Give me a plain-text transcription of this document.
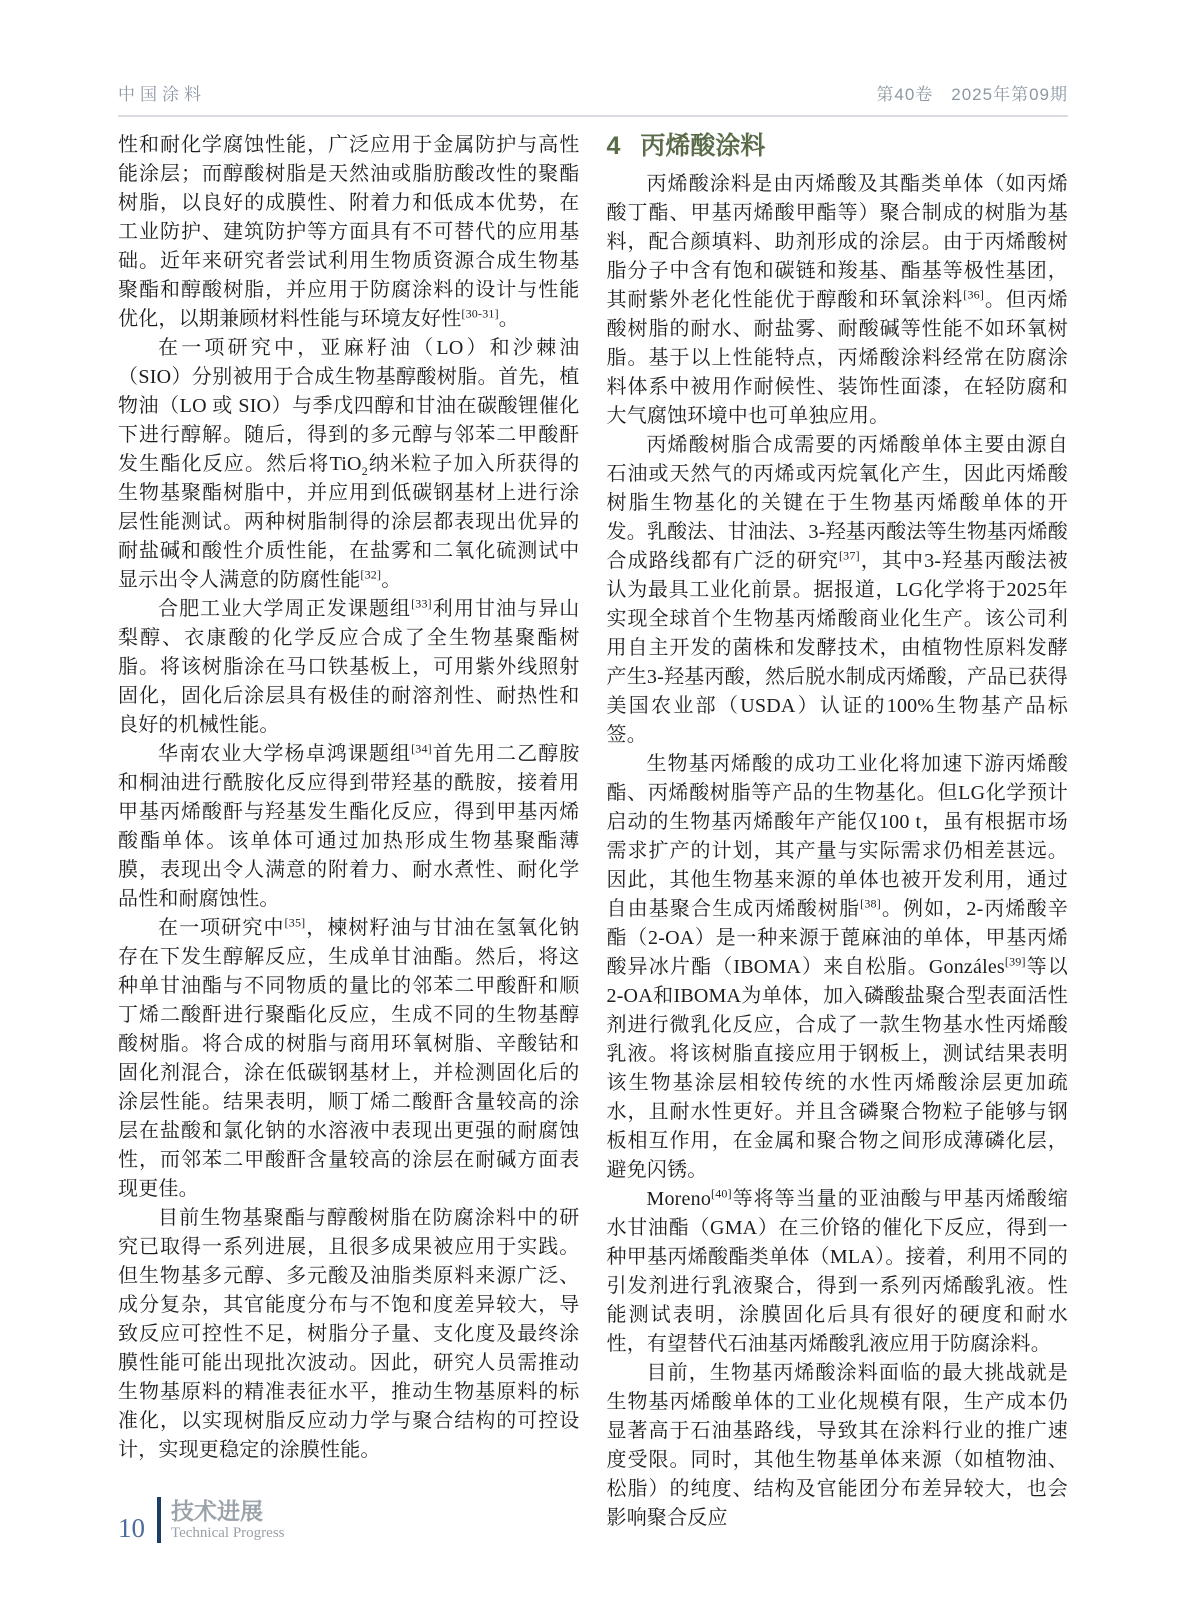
中国涂料	第40卷　2025年第09期

性和耐化学腐蚀性能，广泛应用于金属防护与高性能涂层；而醇酸树脂是天然油或脂肪酸改性的聚酯树脂，以良好的成膜性、附着力和低成本优势，在工业防护、建筑防护等方面具有不可替代的应用基础。近年来研究者尝试利用生物质资源合成生物基聚酯和醇酸树脂，并应用于防腐涂料的设计与性能优化，以期兼顾材料性能与环境友好性[30-31]。

在一项研究中，亚麻籽油（LO）和沙棘油（SIO）分别被用于合成生物基醇酸树脂。首先，植物油（LO 或 SIO）与季戊四醇和甘油在碳酸锂催化下进行醇解。随后，得到的多元醇与邻苯二甲酸酐发生酯化反应。然后将TiO$_2$纳米粒子加入所获得的生物基聚酯树脂中，并应用到低碳钢基材上进行涂层性能测试。两种树脂制得的涂层都表现出优异的耐盐碱和酸性介质性能，在盐雾和二氧化硫测试中显示出令人满意的防腐性能[32]。

合肥工业大学周正发课题组[33]利用甘油与异山梨醇、衣康酸的化学反应合成了全生物基聚酯树脂。将该树脂涂在马口铁基板上，可用紫外线照射固化，固化后涂层具有极佳的耐溶剂性、耐热性和良好的机械性能。

华南农业大学杨卓鸿课题组[34]首先用二乙醇胺和桐油进行酰胺化反应得到带羟基的酰胺，接着用甲基丙烯酸酐与羟基发生酯化反应，得到甲基丙烯酸酯单体。该单体可通过加热形成生物基聚酯薄膜，表现出令人满意的附着力、耐水煮性、耐化学品性和耐腐蚀性。

在一项研究中[35]，楝树籽油与甘油在氢氧化钠存在下发生醇解反应，生成单甘油酯。然后，将这种单甘油酯与不同物质的量比的邻苯二甲酸酐和顺丁烯二酸酐进行聚酯化反应，生成不同的生物基醇酸树脂。将合成的树脂与商用环氧树脂、辛酸钴和固化剂混合，涂在低碳钢基材上，并检测固化后的涂层性能。结果表明，顺丁烯二酸酐含量较高的涂层在盐酸和氯化钠的水溶液中表现出更强的耐腐蚀性，而邻苯二甲酸酐含量较高的涂层在耐碱方面表现更佳。

目前生物基聚酯与醇酸树脂在防腐涂料中的研究已取得一系列进展，且很多成果被应用于实践。但生物基多元醇、多元酸及油脂类原料来源广泛、成分复杂，其官能度分布与不饱和度差异较大，导致反应可控性不足，树脂分子量、支化度及最终涂膜性能可能出现批次波动。因此，研究人员需推动生物基原料的精准表征水平，推动生物基原料的标准化，以实现树脂反应动力学与聚合结构的可控设计，实现更稳定的涂膜性能。

4 丙烯酸涂料

丙烯酸涂料是由丙烯酸及其酯类单体（如丙烯酸丁酯、甲基丙烯酸甲酯等）聚合制成的树脂为基料，配合颜填料、助剂形成的涂层。由于丙烯酸树脂分子中含有饱和碳链和羧基、酯基等极性基团，其耐紫外老化性能优于醇酸和环氧涂料[36]。但丙烯酸树脂的耐水、耐盐雾、耐酸碱等性能不如环氧树脂。基于以上性能特点，丙烯酸涂料经常在防腐涂料体系中被用作耐候性、装饰性面漆，在轻防腐和大气腐蚀环境中也可单独应用。

丙烯酸树脂合成需要的丙烯酸单体主要由源自石油或天然气的丙烯或丙烷氧化产生，因此丙烯酸树脂生物基化的关键在于生物基丙烯酸单体的开发。乳酸法、甘油法、3-羟基丙酸法等生物基丙烯酸合成路线都有广泛的研究[37]，其中3-羟基丙酸法被认为最具工业化前景。据报道，LG化学将于2025年实现全球首个生物基丙烯酸商业化生产。该公司利用自主开发的菌株和发酵技术，由植物性原料发酵产生3-羟基丙酸，然后脱水制成丙烯酸，产品已获得美国农业部（USDA）认证的100%生物基产品标签。

生物基丙烯酸的成功工业化将加速下游丙烯酸酯、丙烯酸树脂等产品的生物基化。但LG化学预计启动的生物基丙烯酸年产能仅100 t，虽有根据市场需求扩产的计划，其产量与实际需求仍相差甚远。因此，其他生物基来源的单体也被开发利用，通过自由基聚合生成丙烯酸树脂[38]。例如，2-丙烯酸辛酯（2-OA）是一种来源于蓖麻油的单体，甲基丙烯酸异冰片酯（IBOMA）来自松脂。Gonzáles[39]等以2-OA和IBOMA为单体，加入磷酸盐聚合型表面活性剂进行微乳化反应，合成了一款生物基水性丙烯酸乳液。将该树脂直接应用于钢板上，测试结果表明该生物基涂层相较传统的水性丙烯酸涂层更加疏水，且耐水性更好。并且含磷聚合物粒子能够与钢板相互作用，在金属和聚合物之间形成薄磷化层，避免闪锈。

Moreno[40]等将等当量的亚油酸与甲基丙烯酸缩水甘油酯（GMA）在三价铬的催化下反应，得到一种甲基丙烯酸酯类单体（MLA）。接着，利用不同的引发剂进行乳液聚合，得到一系列丙烯酸乳液。性能测试表明，涂膜固化后具有很好的硬度和耐水性，有望替代石油基丙烯酸乳液应用于防腐涂料。

目前，生物基丙烯酸涂料面临的最大挑战就是生物基丙烯酸单体的工业化规模有限，生产成本仍显著高于石油基路线，导致其在涂料行业的推广速度受限。同时，其他生物基单体来源（如植物油、松脂）的纯度、结构及官能团分布差异较大，也会影响聚合反应

10
技术进展
Technical Progress
